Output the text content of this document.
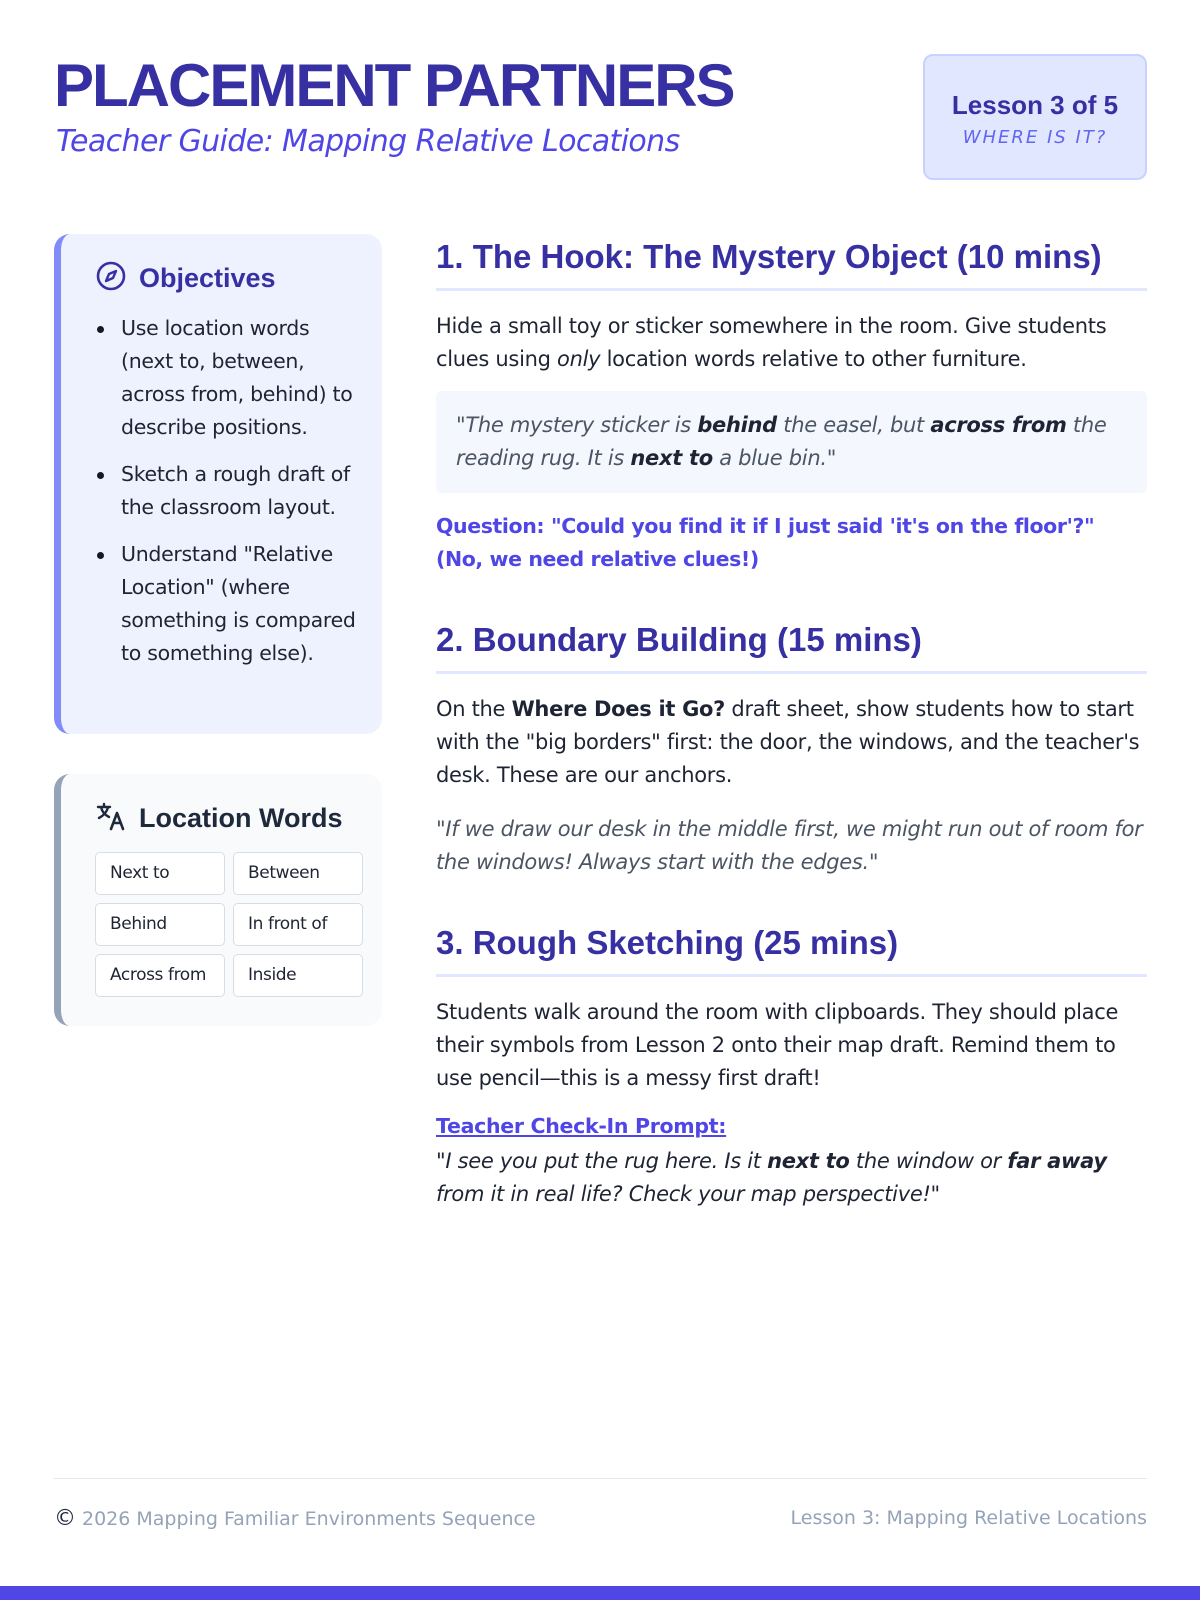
PLACEMENT PARTNERS
Teacher Guide: Mapping Relative Locations
Lesson 3 of 5
WHERE IS IT?
Objectives
Use location words (next to, between, across from, behind) to describe positions.
Sketch a rough draft of the classroom layout.
Understand "Relative Location" (where something is compared to something else).
Location Words
Next to	Between
Behind	In front of
Across from	Inside
1. The Hook: The Mystery Object (10 mins)
Hide a small toy or sticker somewhere in the room. Give students clues using only location words relative to other furniture.
"The mystery sticker is behind the easel, but across from the reading rug. It is next to a blue bin."
Question: "Could you find it if I just said 'it's on the floor'?" (No, we need relative clues!)
2. Boundary Building (15 mins)
On the Where Does it Go? draft sheet, show students how to start with the "big borders" first: the door, the windows, and the teacher's desk. These are our anchors.
"If we draw our desk in the middle first, we might run out of room for the windows! Always start with the edges."
3. Rough Sketching (25 mins)
Students walk around the room with clipboards. They should place their symbols from Lesson 2 onto their map draft. Remind them to use pencil—this is a messy first draft!
Teacher Check-In Prompt:
"I see you put the rug here. Is it next to the window or far away from it in real life? Check your map perspective!"
© 2026 Mapping Familiar Environments Sequence	Lesson 3: Mapping Relative Locations
